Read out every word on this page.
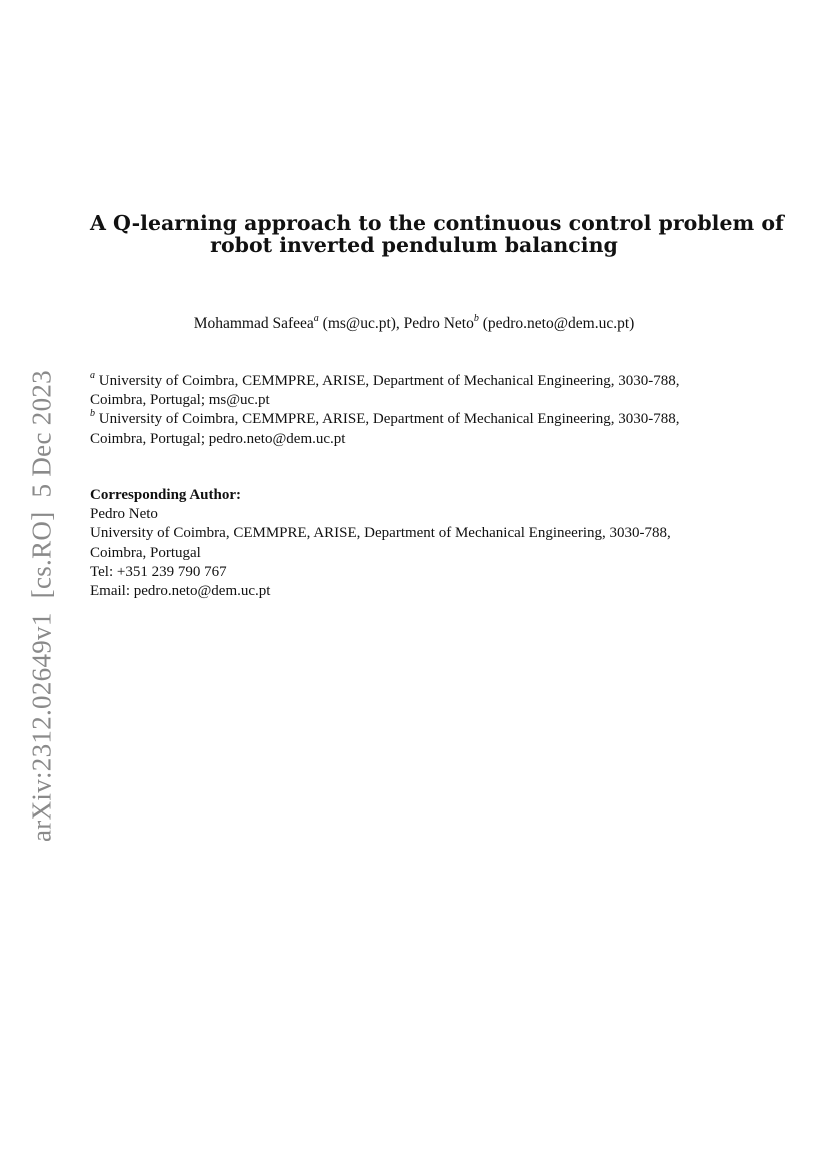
arXiv:2312.02649v1[cs.RO]5 Dec 2023
A Q-learning approach to the continuous control problem of
robot inverted pendulum balancing
Mohammad Safeea$^a$ (ms@uc.pt), Pedro Neto$^b$ (pedro.neto@dem.uc.pt)

$^a$ University of Coimbra, CEMMPRE, ARISE, Department of Mechanical Engineering, 3030-788,

Coimbra, Portugal; ms@uc.pt

$^b$ University of Coimbra, CEMMPRE, ARISE, Department of Mechanical Engineering, 3030-788,

Coimbra, Portugal; pedro.neto@dem.uc.pt

Corresponding Author:

Pedro Neto

University of Coimbra, CEMMPRE, ARISE, Department of Mechanical Engineering, 3030-788,

Coimbra, Portugal

Tel: +351 239 790 767

Email: pedro.neto@dem.uc.pt
